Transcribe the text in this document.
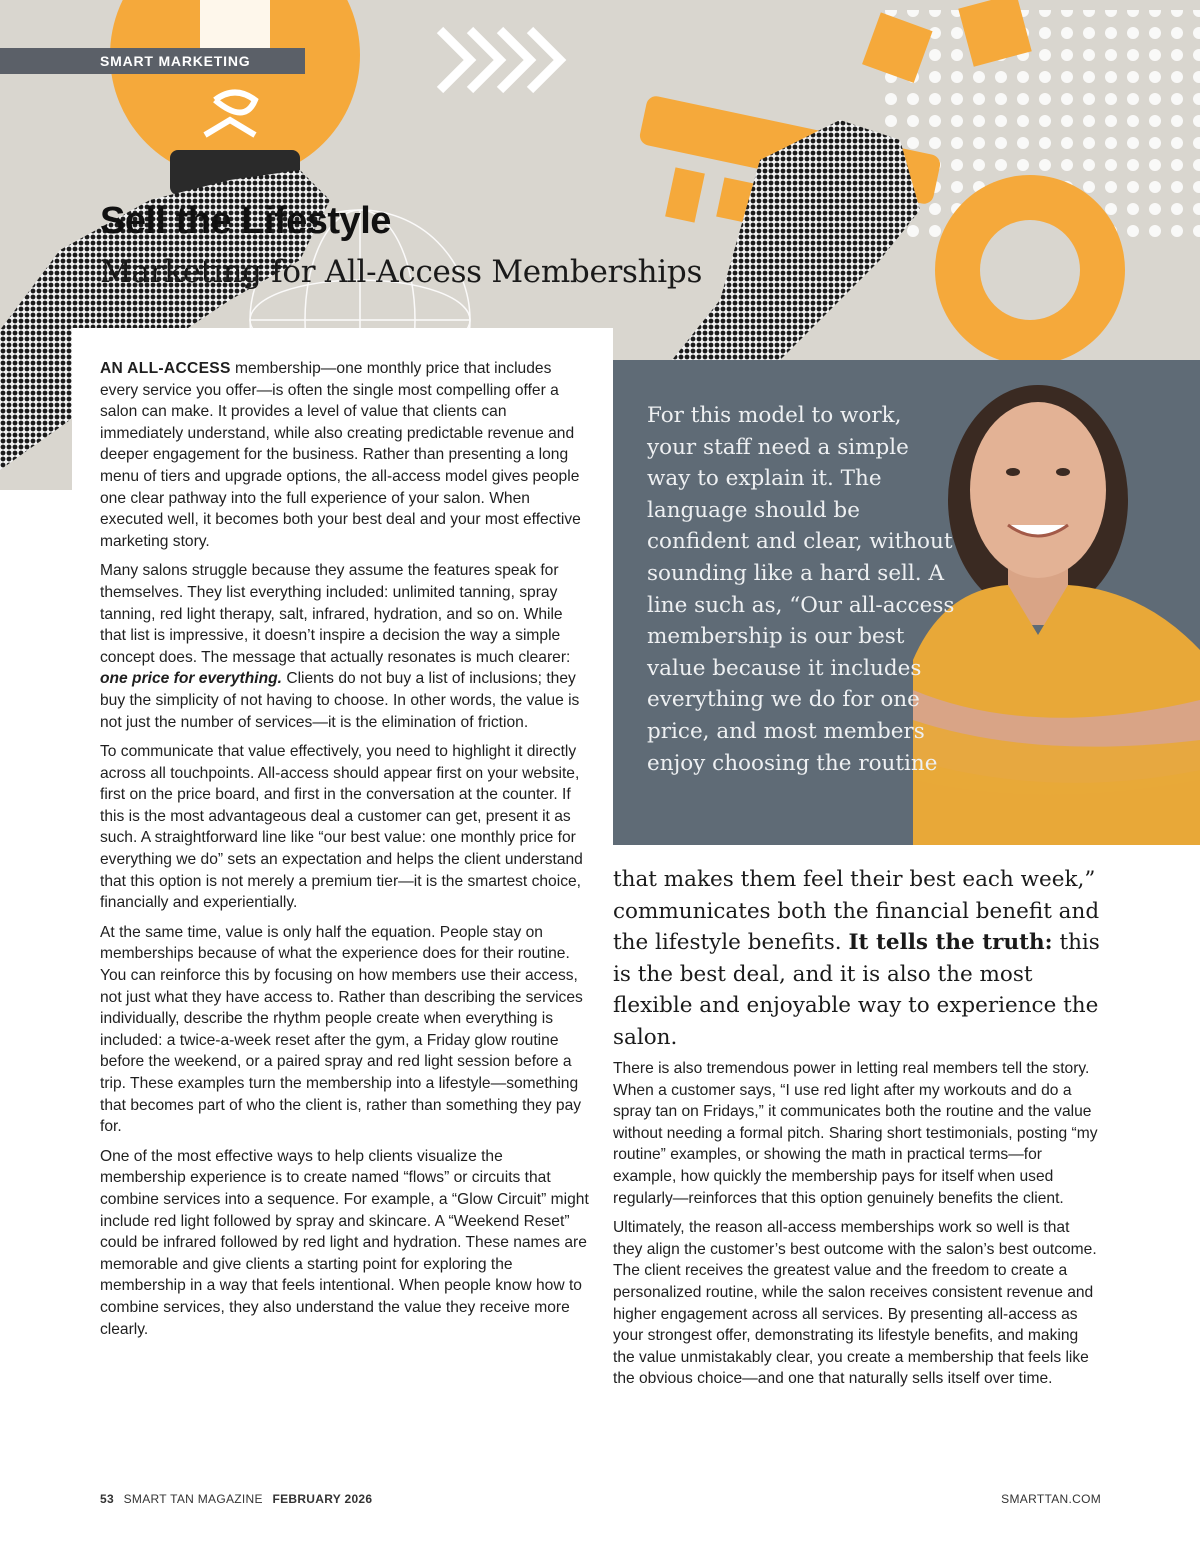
SMART MARKETING
Sell the Lifestyle
Marketing for All-Access Memberships
For this model to work, your staff need a simple way to explain it. The language should be confident and clear, without sounding like a hard sell. A line such as, “Our all-access membership is our best value because it includes everything we do for one price, and most members enjoy choosing the routine

AN ALL-ACCESS membership—one monthly price that includes every service you offer—is often the single most compelling offer a salon can make. It provides a level of value that clients can immediately understand, while also creating predictable revenue and deeper engagement for the business. Rather than presenting a long menu of tiers and upgrade options, the all-access model gives people one clear pathway into the full experience of your salon. When executed well, it becomes both your best deal and your most effective marketing story.

Many salons struggle because they assume the features speak for themselves. They list everything included: unlimited tanning, spray tanning, red light therapy, salt, infrared, hydration, and so on. While that list is impressive, it doesn’t inspire a decision the way a simple concept does. The message that actually resonates is much clearer: one price for everything. Clients do not buy a list of inclusions; they buy the simplicity of not having to choose. In other words, the value is not just the number of services—it is the elimination of friction.

To communicate that value effectively, you need to highlight it directly across all touchpoints. All-access should appear first on your website, first on the price board, and first in the conversation at the counter. If this is the most advantageous deal a customer can get, present it as such. A straightforward line like “our best value: one monthly price for everything we do” sets an expectation and helps the client understand that this option is not merely a premium tier—it is the smartest choice, financially and experientially.

At the same time, value is only half the equation. People stay on memberships because of what the experience does for their routine. You can reinforce this by focusing on how members use their access, not just what they have access to. Rather than describing the services individually, describe the rhythm people create when everything is included: a twice-a-week reset after the gym, a Friday glow routine before the weekend, or a paired spray and red light session before a trip. These examples turn the membership into a lifestyle—something that becomes part of who the client is, rather than something they pay for.

One of the most effective ways to help clients visualize the membership experience is to create named “flows” or circuits that combine services into a sequence. For example, a “Glow Circuit” might include red light followed by spray and skincare. A “Weekend Reset” could be infrared followed by red light and hydration. These names are memorable and give clients a starting point for exploring the membership in a way that feels intentional. When people know how to combine services, they also understand the value they receive more clearly.

that makes them feel their best each week,” communicates both the financial benefit and the lifestyle benefits. It tells the truth: this is the best deal, and it is also the most flexible and enjoyable way to experience the salon.

There is also tremendous power in letting real members tell the story. When a customer says, “I use red light after my workouts and do a spray tan on Fridays,” it communicates both the routine and the value without needing a formal pitch. Sharing short testimonials, posting “my routine” examples, or showing the math in practical terms—for example, how quickly the membership pays for itself when used regularly—reinforces that this option genuinely benefits the client.

Ultimately, the reason all-access memberships work so well is that they align the customer’s best outcome with the salon’s best outcome. The client receives the greatest value and the freedom to create a personalized routine, while the salon receives consistent revenue and higher engagement across all services. By presenting all-access as your strongest offer, demonstrating its lifestyle benefits, and making the value unmistakably clear, you create a membership that feels like the obvious choice—and one that naturally sells itself over time.

53 SMART TAN MAGAZINE FEBRUARY 2026	SMARTTAN.COM
